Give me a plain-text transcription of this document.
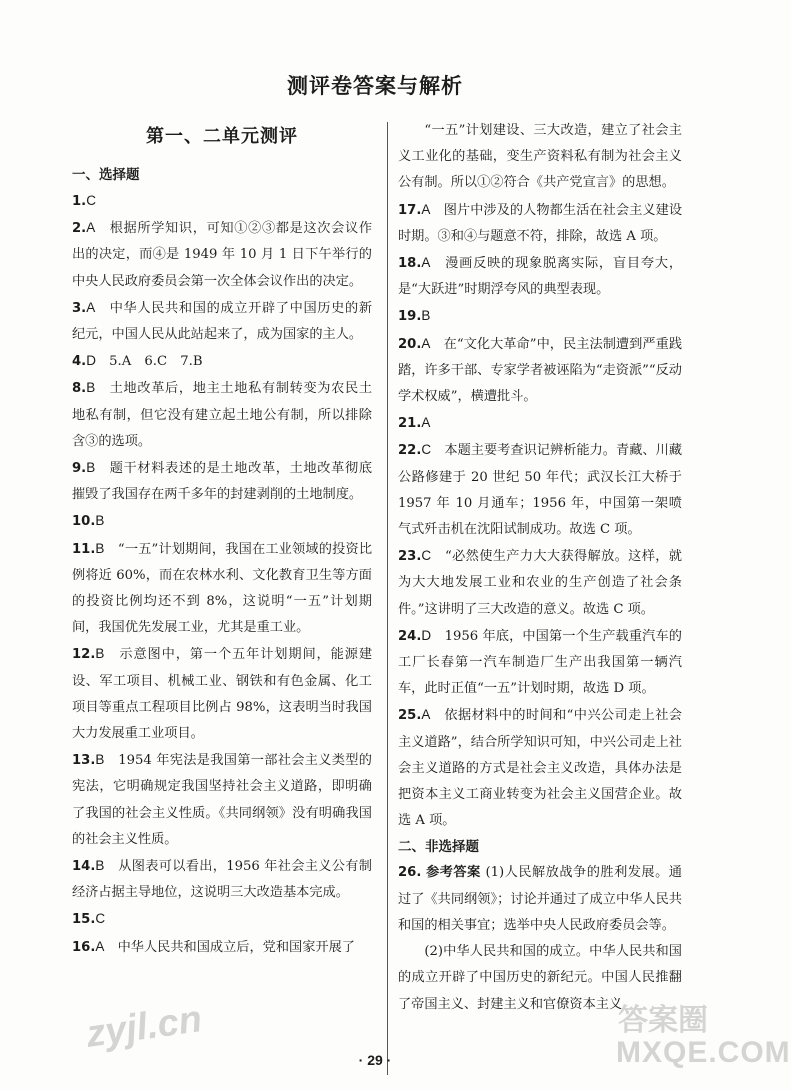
测评卷答案与解析
第一、二单元测评
一、选择题
1.C
2.A　 根据所学知识，可知①②③都是这次会议作出的决定，而④是 1949 年 10 月 1 日下午举行的中央人民政府委员会第一次全体会议作出的决定。
3.A　 中华人民共和国的成立开辟了中国历史的新纪元，中国人民从此站起来了，成为国家的主人。
4.D　 5.A　6.C　7.B
8.B　 土地改革后，地主土地私有制转变为农民土地私有制，但它没有建立起土地公有制，所以排除含③的选项。
9.B　 题干材料表述的是土地改革，土地改革彻底摧毁了我国存在两千多年的封建剥削的土地制度。
10.B
11.B　 “一五”计划期间，我国在工业领域的投资比例将近 60%，而在农林水利、文化教育卫生等方面的投资比例均还不到 8%，这说明“一五”计划期间，我国优先发展工业，尤其是重工业。
12.B　 示意图中，第一个五年计划期间，能源建设、军工项目、机械工业、钢铁和有色金属、化工项目等重点工程项目比例占 98%，这表明当时我国大力发展重工业项目。
13.B　 1954 年宪法是我国第一部社会主义类型的宪法，它明确规定我国坚持社会主义道路，即明确了我国的社会主义性质。《共同纲领》没有明确我国的社会主义性质。
14.B　 从图表可以看出，1956 年社会主义公有制经济占据主导地位，这说明三大改造基本完成。
15.C
16.A　 中华人民共和国成立后，党和国家开展了
“一五”计划建设、三大改造，建立了社会主义工业化的基础，变生产资料私有制为社会主义公有制。所以①②符合《共产党宣言》的思想。
17.A　 图片中涉及的人物都生活在社会主义建设时期。③和④与题意不符，排除，故选 A 项。
18.A　 漫画反映的现象脱离实际，盲目夸大，是“大跃进”时期浮夸风的典型表现。
19.B
20.A　 在“文化大革命”中，民主法制遭到严重践踏，许多干部、专家学者被诬陷为“走资派”“反动学术权威”，横遭批斗。
21.A
22.C　 本题主要考查识记辨析能力。青藏、川藏公路修建于 20 世纪 50 年代；武汉长江大桥于 1957 年 10 月通车；1956 年，中国第一架喷气式歼击机在沈阳试制成功。故选 C 项。
23.C　 “必然使生产力大大获得解放。这样，就为大大地发展工业和农业的生产创造了社会条件。”这讲明了三大改造的意义。故选 C 项。
24.D　 1956 年底，中国第一个生产载重汽车的工厂长春第一汽车制造厂生产出我国第一辆汽车，此时正值“一五”计划时期，故选 D 项。
25.A　 依据材料中的时间和“中兴公司走上社会主义道路”，结合所学知识可知，中兴公司走上社会主义道路的方式是社会主义改造，具体办法是把资本主义工商业转变为社会主义国营企业。故选 A 项。
二、非选择题
26. 参考答案 (1)人民解放战争的胜利发展。通过了《共同纲领》；讨论并通过了成立中华人民共和国的相关事宜；选举中央人民政府委员会等。
(2)中华人民共和国的成立。中华人民共和国的成立开辟了中国历史的新纪元。中国人民推翻了帝国主义、封建主义和官僚资本主义
· 29 ·
zyjl.cn	答案圈
MXQE.COM
